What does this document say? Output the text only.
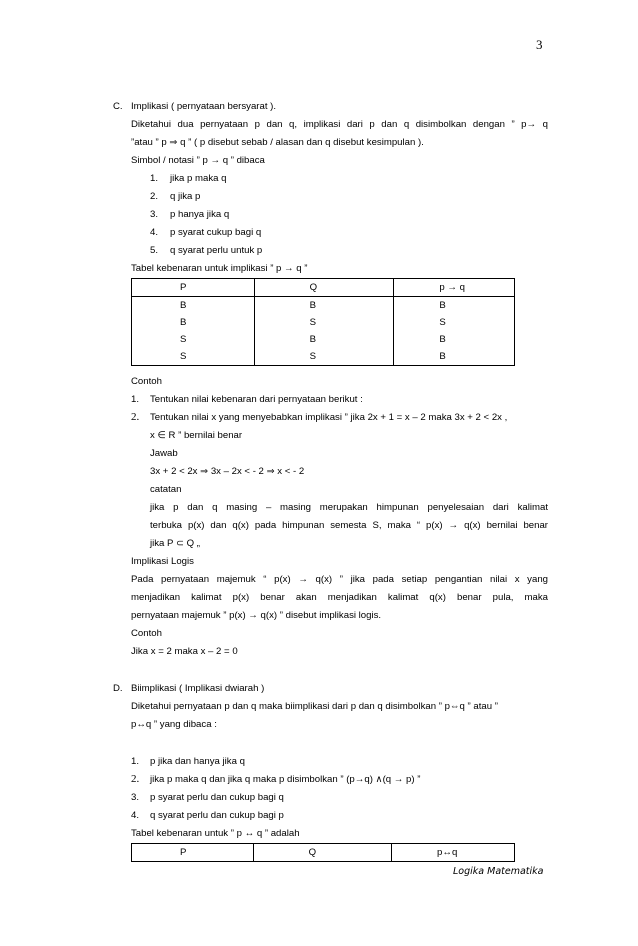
3
C. Implikasi ( pernyataan bersyarat ).
Diketahui dua pernyataan p dan q, implikasi dari p dan q disimbolkan dengan ” p→ q
”atau ” p ⇒ q ” ( p disebut sebab / alasan dan q disebut kesimpulan ).
Simbol / notasi ” p → q ” dibaca
1. jika p maka q
2. q jika p
3. p hanya jika q
4. p syarat cukup bagi q
5. q syarat perlu untuk p
Tabel kebenaran untuk implikasi ” p → q ”
P	Q	p → q
B	B	B
B	S	S
S	B	B
S	S	B
Contoh
1. Tentukan nilai kebenaran dari pernyataan berikut :
2. Tentukan nilai x yang menyebabkan implikasi ” jika 2x + 1 = x – 2 maka 3x + 2 < 2x ,
x ∈ R ” bernilai benar
Jawab
3x + 2 < 2x ⇒ 3x – 2x < - 2 ⇒ x < - 2
catatan
jika p dan q masing – masing merupakan himpunan penyelesaian dari kalimat
terbuka p(x) dan q(x) pada himpunan semesta S, maka “ p(x) → q(x) bernilai benar
jika P ⊂ Q „
Implikasi Logis
Pada pernyataan majemuk “ p(x) → q(x) ” jika pada setiap pengantian nilai x yang
menjadikan kalimat p(x) benar akan menjadikan kalimat q(x) benar pula, maka
pernyataan majemuk ” p(x) → q(x) ” disebut implikasi logis.
Contoh
Jika x = 2 maka x – 2 = 0
D. Biimplikasi ( Implikasi dwiarah )
Diketahui pernyataan p dan q maka biimplikasi dari p dan q disimbolkan ” p⇔q ” atau ”
p↔q ” yang dibaca :
1. p jika dan hanya jika q
2. jika p maka q dan jika q maka p disimbolkan ” (p→q) ∧(q → p) ”
3. p syarat perlu dan cukup bagi q
4. q syarat perlu dan cukup bagi p
Tabel kebenaran untuk ” p ↔ q ” adalah
P	Q	p↔q
Logika Matematika
